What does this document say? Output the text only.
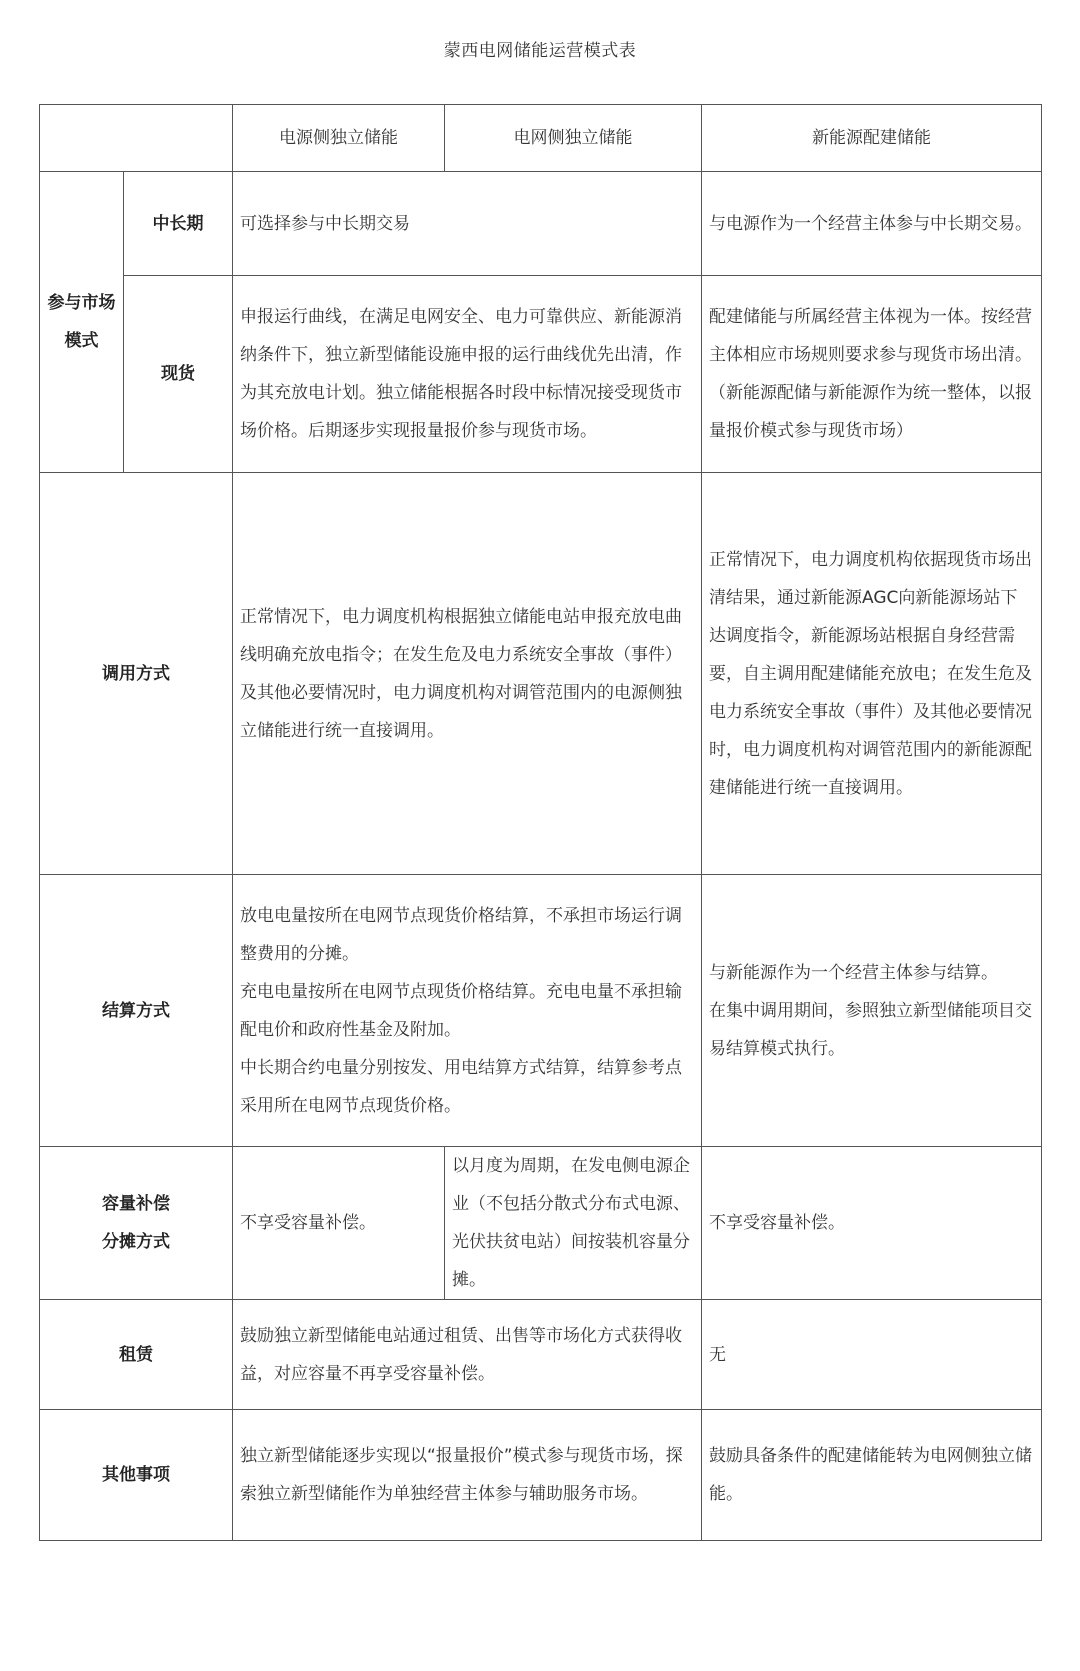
蒙西电网储能运营模式表
		电源侧独立储能	电网侧独立储能	新能源配建储能
参与市场模式	中长期	可选择参与中长期交易		与电源作为一个经营主体参与中长期交易。
	现货	申报运行曲线，在满足电网安全、电力可靠供应、新能源消纳条件下，独立新型储能设施申报的运行曲线优先出清，作为其充放电计划。独立储能根据各时段中标情况接受现货市场价格。后期逐步实现报量报价参与现货市场。		配建储能与所属经营主体视为一体。按经营主体相应市场规则要求参与现货市场出清。（新能源配储与新能源作为统一整体，以报量报价模式参与现货市场）
调用方式		正常情况下，电力调度机构根据独立储能电站申报充放电曲线明确充放电指令；在发生危及电力系统安全事故（事件）及其他必要情况时，电力调度机构对调管范围内的电源侧独立储能进行统一直接调用。		正常情况下，电力调度机构依据现货市场出清结果，通过新能源AGC向新能源场站下达调度指令，新能源场站根据自身经营需要，自主调用配建储能充放电；在发生危及电力系统安全事故（事件）及其他必要情况时，电力调度机构对调管范围内的新能源配建储能进行统一直接调用。
结算方式		放电电量按所在电网节点现货价格结算，不承担市场运行调整费用的分摊。
充电电量按所在电网节点现货价格结算。充电电量不承担输配电价和政府性基金及附加。
中长期合约电量分别按发、用电结算方式结算，结算参考点采用所在电网节点现货价格。		与新能源作为一个经营主体参与结算。
在集中调用期间，参照独立新型储能项目交易结算模式执行。

容量补偿
分摊方式		不享受容量补偿。	以月度为周期，在发电侧电源企业（不包括分散式分布式电源、光伏扶贫电站）间按装机容量分摊。	不享受容量补偿。
租赁		鼓励独立新型储能电站通过租赁、出售等市场化方式获得收益，对应容量不再享受容量补偿。		无
其他事项		独立新型储能逐步实现以“报量报价”模式参与现货市场，探索独立新型储能作为单独经营主体参与辅助服务市场。		鼓励具备条件的配建储能转为电网侧独立储能。
